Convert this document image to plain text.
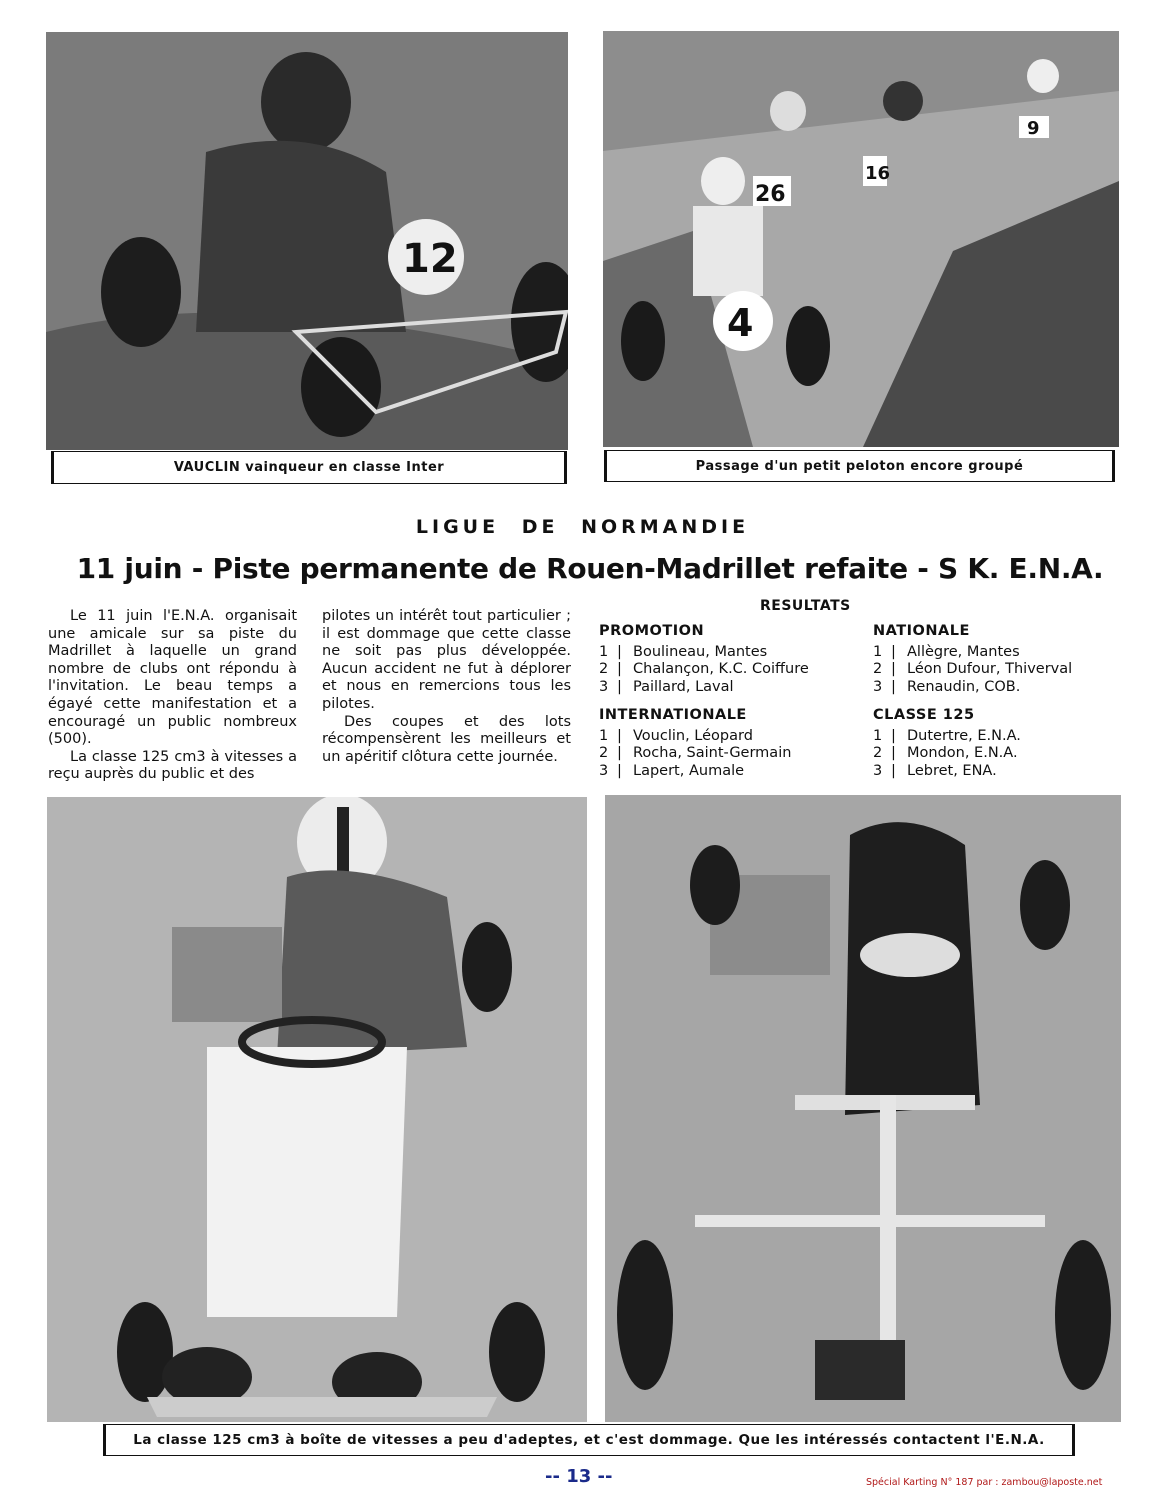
12
4
26
16
9
VAUCLIN vainqueur en classe Inter	Passage d'un petit peloton encore groupé
LIGUE DE NORMANDIE
11 juin - Piste permanente de Rouen-Madrillet refaite - S K. E.N.A.

Le 11 juin l'E.N.A. organisait une amicale sur sa piste du Madrillet à laquelle un grand nombre de clubs ont répondu à l'invitation. Le beau temps a égayé cette manifestation et a encouragé un public nombreux (500).

La classe 125 cm3 à vitesses a reçu auprès du public et des

pilotes un intérêt tout particulier ; il est dommage que cette classe ne soit pas plus développée. Aucun accident ne fut à déplorer et nous en remercions tous les pilotes.

Des coupes et des lots récompensèrent les meilleurs et un apéritif clôtura cette journée.

RESULTATS
PROMOTION
1 | Boulineau, Mantes
2 | Chalançon, K.C. Coiffure
3 | Paillard, Laval
INTERNATIONALE
1 | Vouclin, Léopard
2 | Rocha, Saint-Germain
3 | Lapert, Aumale
NATIONALE
1 | Allègre, Mantes
2 | Léon Dufour, Thiverval
3 | Renaudin, COB.
CLASSE 125
1 | Dutertre, E.N.A.
2 | Mondon, E.N.A.
3 | Lebret, ENA.
La classe 125 cm3 à boîte de vitesses a peu d'adeptes, et c'est dommage. Que les intéressés contactent l'E.N.A.
-- 13 --	Spécial Karting N° 187 par : zambou@laposte.net
